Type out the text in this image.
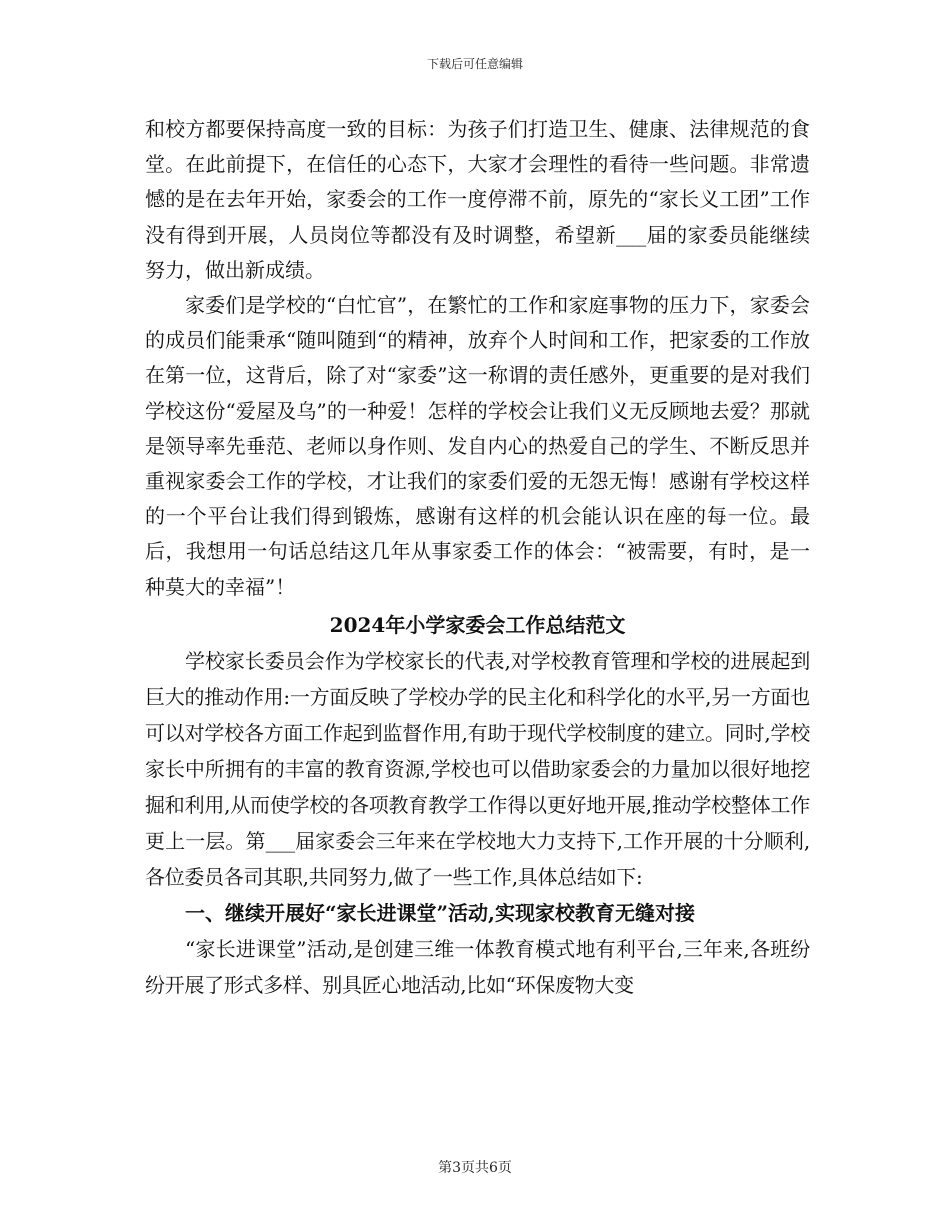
下载后可任意编辑

和校方都要保持高度一致的目标：为孩子们打造卫生、健康、法律规范的食堂。在此前提下，在信任的心态下，大家才会理性的看待一些问题。非常遗憾的是在去年开始，家委会的工作一度停滞不前，原先的“家长义工团”工作没有得到开展，人员岗位等都没有及时调整，希望新___届的家委员能继续努力，做出新成绩。

家委们是学校的“白忙官”，在繁忙的工作和家庭事物的压力下，家委会的成员们能秉承“随叫随到“的精神，放弃个人时间和工作，把家委的工作放在第一位，这背后，除了对“家委”这一称谓的责任感外，更重要的是对我们学校这份“爱屋及乌”的一种爱！怎样的学校会让我们义无反顾地去爱？那就是领导率先垂范、老师以身作则、发自内心的热爱自己的学生、不断反思并重视家委会工作的学校，才让我们的家委们爱的无怨无悔！感谢有学校这样的一个平台让我们得到锻炼，感谢有这样的机会能认识在座的每一位。最后，我想用一句话总结这几年从事家委工作的体会：“被需要，有时，是一种莫大的幸福”！

2024年小学家委会工作总结范文

学校家长委员会作为学校家长的代表,对学校教育管理和学校的进展起到巨大的推动作用:一方面反映了学校办学的民主化和科学化的水平,另一方面也可以对学校各方面工作起到监督作用,有助于现代学校制度的建立。同时,学校家长中所拥有的丰富的教育资源,学校也可以借助家委会的力量加以很好地挖掘和利用,从而使学校的各项教育教学工作得以更好地开展,推动学校整体工作更上一层。第___届家委会三年来在学校地大力支持下,工作开展的十分顺利,各位委员各司其职,共同努力,做了一些工作,具体总结如下:

一、继续开展好“家长进课堂”活动,实现家校教育无缝对接

“家长进课堂”活动,是创建三维一体教育模式地有利平台,三年来,各班纷纷开展了形式多样、别具匠心地活动,比如“环保废物大变

第3页共6页
